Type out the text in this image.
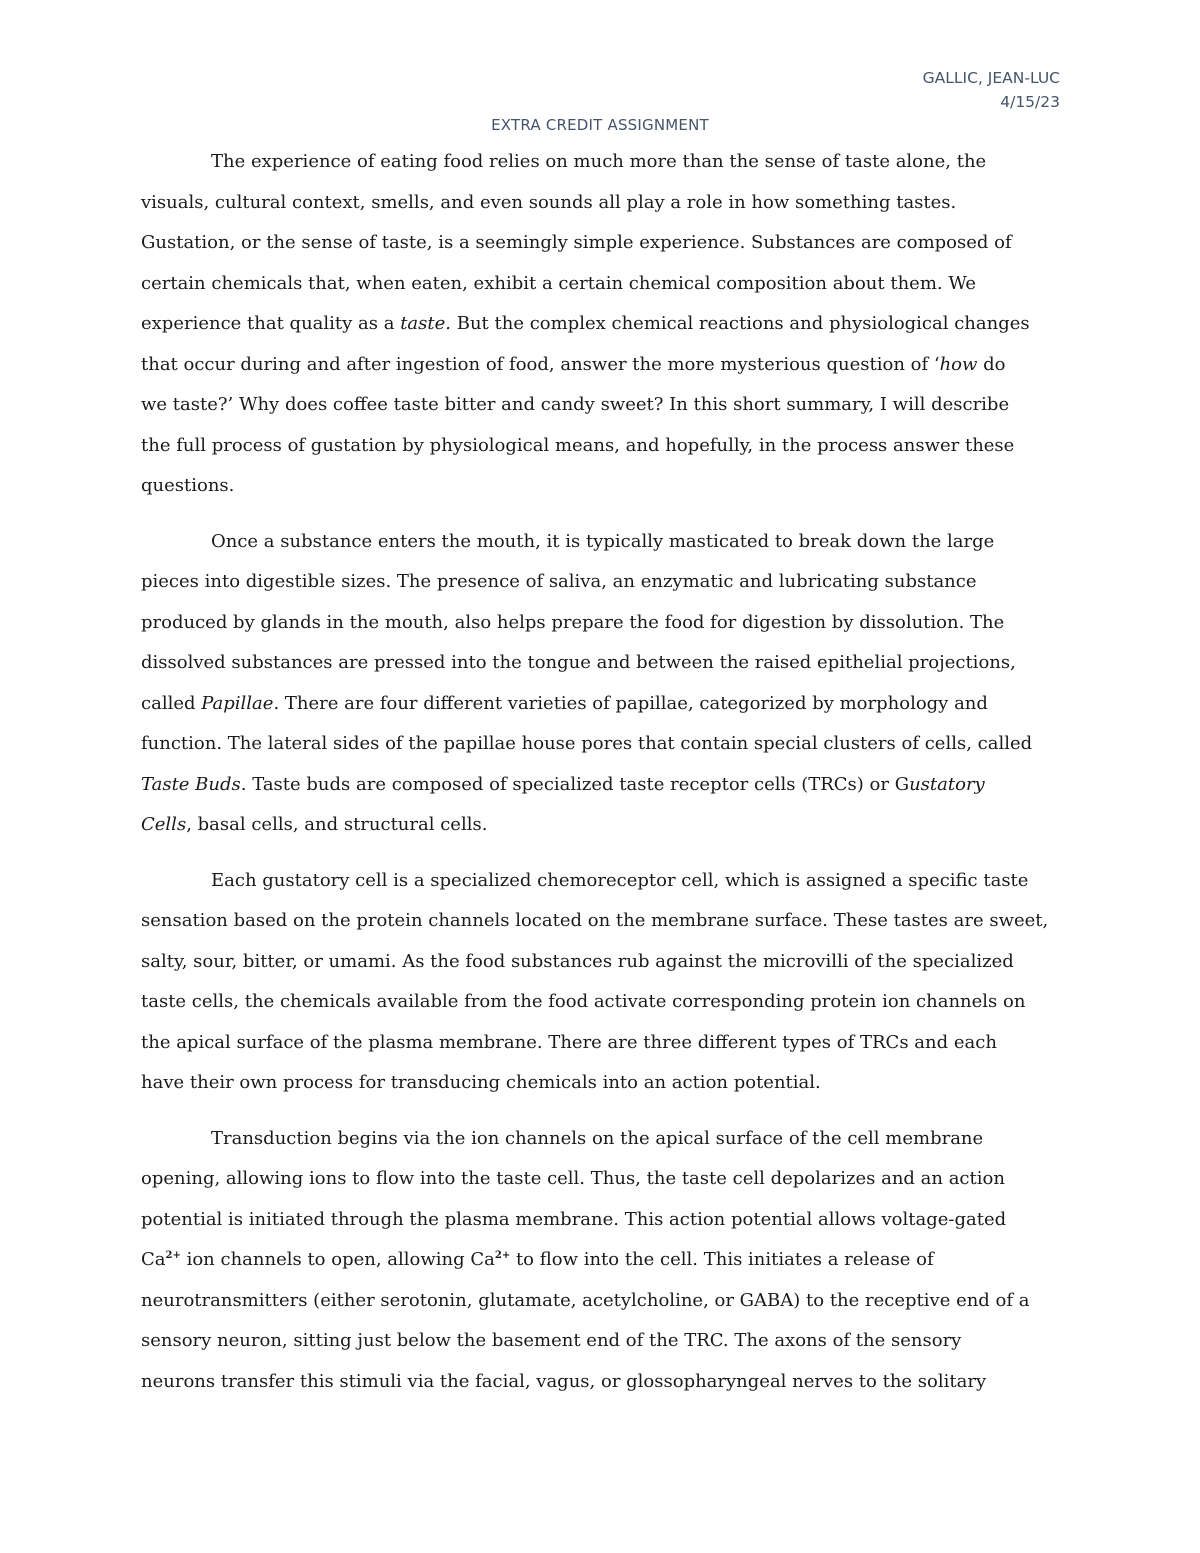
GALLIC, JEAN-LUC
4/15/23
EXTRA CREDIT ASSIGNMENT
The experience of eating food relies on much more than the sense of taste alone, the
visuals, cultural context, smells, and even sounds all play a role in how something tastes.
Gustation, or the sense of taste, is a seemingly simple experience. Substances are composed of
certain chemicals that, when eaten, exhibit a certain chemical composition about them. We
experience that quality as a taste. But the complex chemical reactions and physiological changes
that occur during and after ingestion of food, answer the more mysterious question of ‘how do
we taste?’ Why does coffee taste bitter and candy sweet? In this short summary, I will describe
the full process of gustation by physiological means, and hopefully, in the process answer these
questions.
Once a substance enters the mouth, it is typically masticated to break down the large
pieces into digestible sizes. The presence of saliva, an enzymatic and lubricating substance
produced by glands in the mouth, also helps prepare the food for digestion by dissolution. The
dissolved substances are pressed into the tongue and between the raised epithelial projections,
called Papillae. There are four different varieties of papillae, categorized by morphology and
function. The lateral sides of the papillae house pores that contain special clusters of cells, called
Taste Buds. Taste buds are composed of specialized taste receptor cells (TRCs) or Gustatory
Cells, basal cells, and structural cells.
Each gustatory cell is a specialized chemoreceptor cell, which is assigned a specific taste
sensation based on the protein channels located on the membrane surface. These tastes are sweet,
salty, sour, bitter, or umami. As the food substances rub against the microvilli of the specialized
taste cells, the chemicals available from the food activate corresponding protein ion channels on
the apical surface of the plasma membrane. There are three different types of TRCs and each
have their own process for transducing chemicals into an action potential.
Transduction begins via the ion channels on the apical surface of the cell membrane
opening, allowing ions to flow into the taste cell. Thus, the taste cell depolarizes and an action
potential is initiated through the plasma membrane. This action potential allows voltage-gated
$Ca^{2+}$ ion channels to open, allowing $Ca^{2+}$ to flow into the cell. This initiates a release of
neurotransmitters (either serotonin, glutamate, acetylcholine, or GABA) to the receptive end of a
sensory neuron, sitting just below the basement end of the TRC. The axons of the sensory
neurons transfer this stimuli via the facial, vagus, or glossopharyngeal nerves to the solitary
